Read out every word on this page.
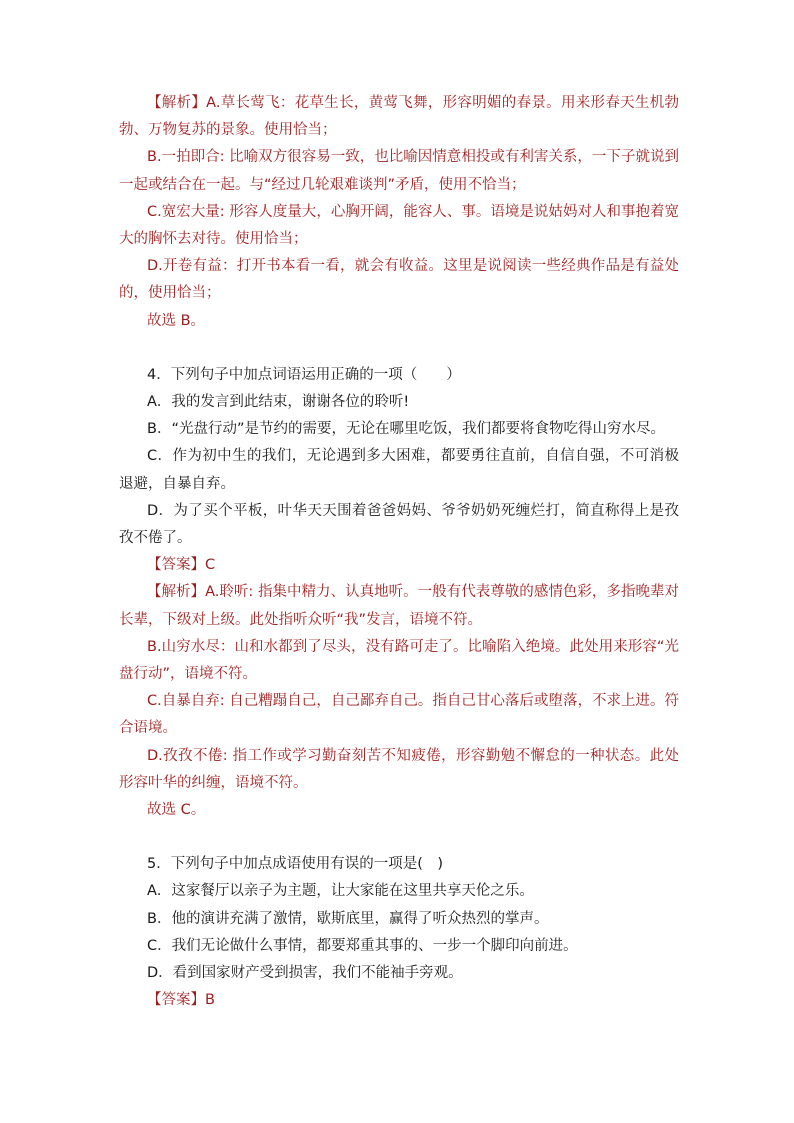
【解析】A.草长莺飞：花草生长，黄莺飞舞，形容明媚的春景。用来形春天生机勃勃、万物复苏的景象。使用恰当；

B.一拍即合: 比喻双方很容易一致，也比喻因情意相投或有利害关系，一下子就说到一起或结合在一起。与“经过几轮艰难谈判”矛盾，使用不恰当；

C.宽宏大量: 形容人度量大，心胸开阔，能容人、事。语境是说姑妈对人和事抱着宽大的胸怀去对待。使用恰当；

D.开卷有益：打开书本看一看，就会有收益。这里是说阅读一些经典作品是有益处的，使用恰当；

故选 B。

4．下列句子中加点词语运用正确的一项（　　）

A．我的发言到此结束，谢谢各位的聆听!

B．“光盘行动”是节约的需要，无论在哪里吃饭，我们都要将食物吃得山穷水尽。

C．作为初中生的我们，无论遇到多大困难，都要勇往直前，自信自强，不可消极退避，自暴自弃。

D．为了买个平板，叶华天天围着爸爸妈妈、爷爷奶奶死缠烂打，简直称得上是孜孜不倦了。

【答案】C

【解析】A.聆听: 指集中精力、认真地听。一般有代表尊敬的感情色彩，多指晚辈对长辈，下级对上级。此处指听众听“我”发言，语境不符。

B.山穷水尽：山和水都到了尽头，没有路可走了。比喻陷入绝境。此处用来形容“光盘行动”，语境不符。

C.自暴自弃: 自己糟蹋自己，自己鄙弃自己。指自己甘心落后或堕落，不求上进。符合语境。

D.孜孜不倦: 指工作或学习勤奋刻苦不知疲倦，形容勤勉不懈怠的一种状态。此处形容叶华的纠缠，语境不符。

故选 C。

5．下列句子中加点成语使用有误的一项是(　)

A．这家餐厅以亲子为主题，让大家能在这里共享天伦之乐。

B．他的演讲充满了激情，歇斯底里，赢得了听众热烈的掌声。

C．我们无论做什么事情，都要郑重其事的、一步一个脚印向前进。

D．看到国家财产受到损害，我们不能袖手旁观。

【答案】B
